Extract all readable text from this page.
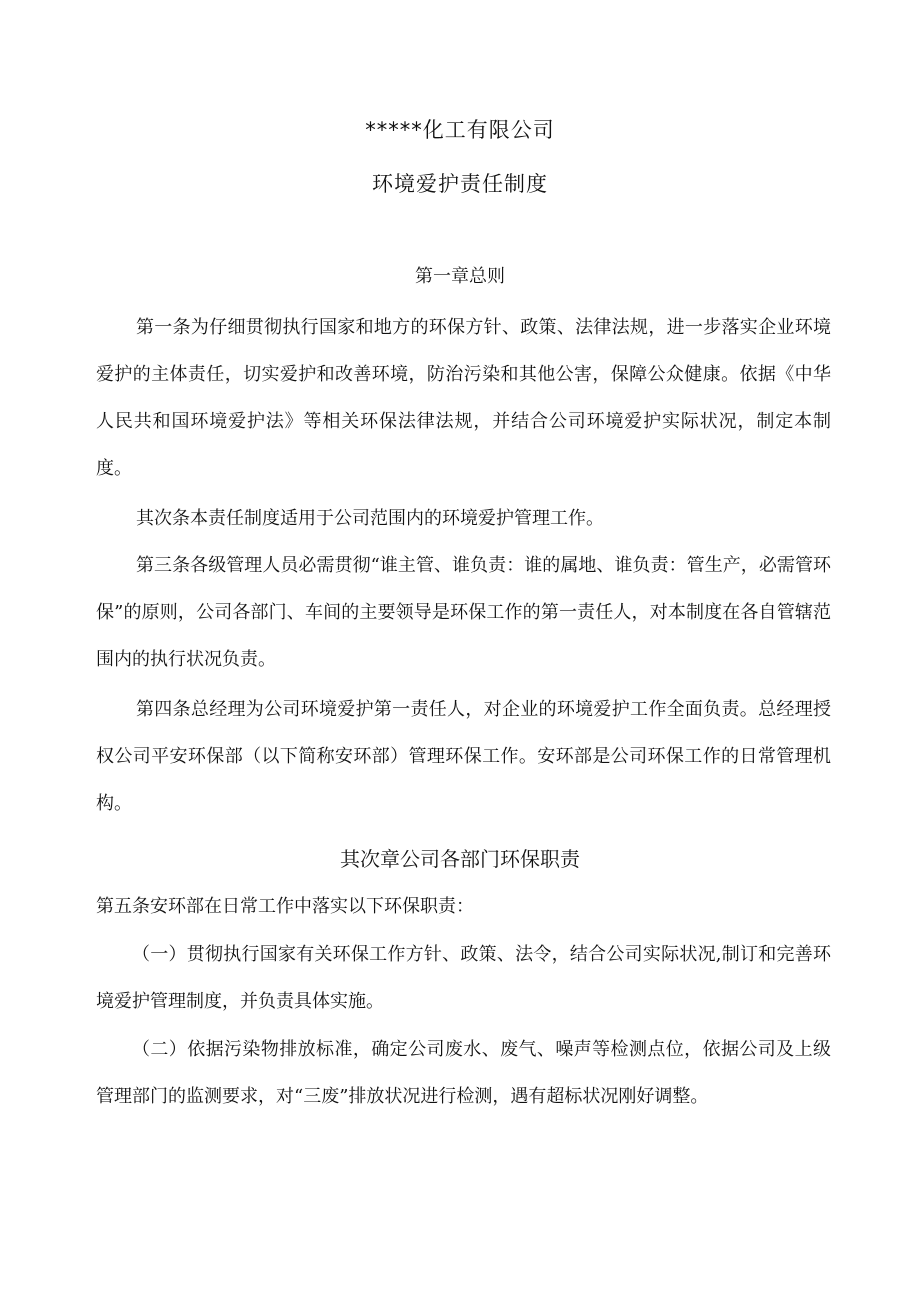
*****化工有限公司
环境爱护责任制度
第一章总则

第一条为仔细贯彻执行国家和地方的环保方针、政策、法律法规，进一步落实企业环境爱护的主体责任，切实爱护和改善环境，防治污染和其他公害，保障公众健康。依据《中华人民共和国环境爱护法》等相关环保法律法规，并结合公司环境爱护实际状况，制定本制度。

其次条本责任制度适用于公司范围内的环境爱护管理工作。

第三条各级管理人员必需贯彻“谁主管、谁负责：谁的属地、谁负责：管生产，必需管环保”的原则，公司各部门、车间的主要领导是环保工作的第一责任人，对本制度在各自管辖范围内的执行状况负责。

第四条总经理为公司环境爱护第一责任人，对企业的环境爱护工作全面负责。总经理授权公司平安环保部（以下简称安环部）管理环保工作。安环部是公司环保工作的日常管理机构。

其次章公司各部门环保职责

第五条安环部在日常工作中落实以下环保职责：

（一）贯彻执行国家有关环保工作方针、政策、法令，结合公司实际状况,制订和完善环境爱护管理制度，并负责具体实施。

（二）依据污染物排放标准，确定公司废水、废气、噪声等检测点位，依据公司及上级管理部门的监测要求，对“三废”排放状况进行检测，遇有超标状况刚好调整。
